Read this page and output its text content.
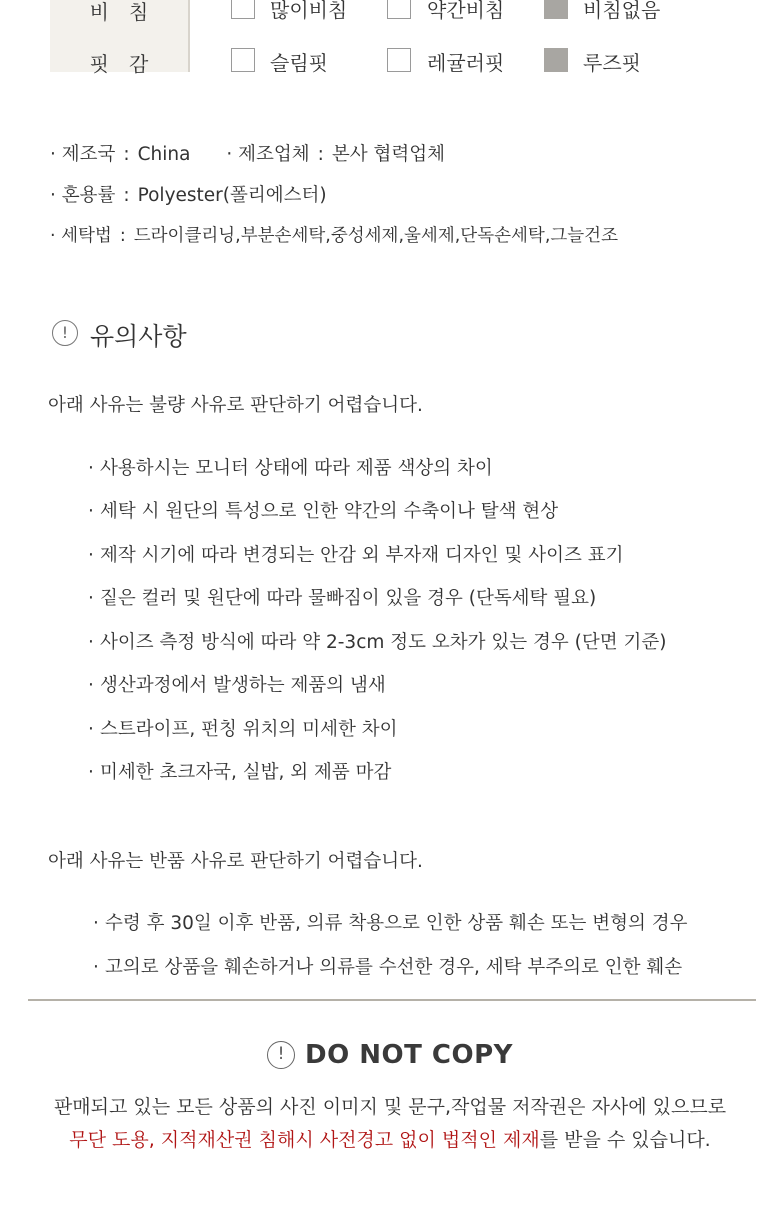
비침	많이비침	약간비침	비침없음
핏감	슬림핏	레귤러핏	루즈핏
· 제조국 : China · 제조업체 : 본사 협력업체
· 혼용률 : Polyester(폴리에스터)
· 세탁법 : 드라이클리닝,부분손세탁,중성세제,울세제,단독손세탁,그늘건조
! 유의사항
아래 사유는 불량 사유로 판단하기 어렵습니다.
· 사용하시는 모니터 상태에 따라 제품 색상의 차이
· 세탁 시 원단의 특성으로 인한 약간의 수축이나 탈색 현상
· 제작 시기에 따라 변경되는 안감 외 부자재 디자인 및 사이즈 표기
· 짙은 컬러 및 원단에 따라 물빠짐이 있을 경우 (단독세탁 필요)
· 사이즈 측정 방식에 따라 약 2-3cm 정도 오차가 있는 경우 (단면 기준)
· 생산과정에서 발생하는 제품의 냄새
· 스트라이프, 펀칭 위치의 미세한 차이
· 미세한 초크자국, 실밥, 외 제품 마감
아래 사유는 반품 사유로 판단하기 어렵습니다.
· 수령 후 30일 이후 반품, 의류 착용으로 인한 상품 훼손 또는 변형의 경우
· 고의로 상품을 훼손하거나 의류를 수선한 경우, 세탁 부주의로 인한 훼손
! DO NOT COPY
판매되고 있는 모든 상품의 사진 이미지 및 문구,작업물 저작권은 자사에 있으므로
무단 도용, 지적재산권 침해시 사전경고 없이 법적인 제재를 받을 수 있습니다.
